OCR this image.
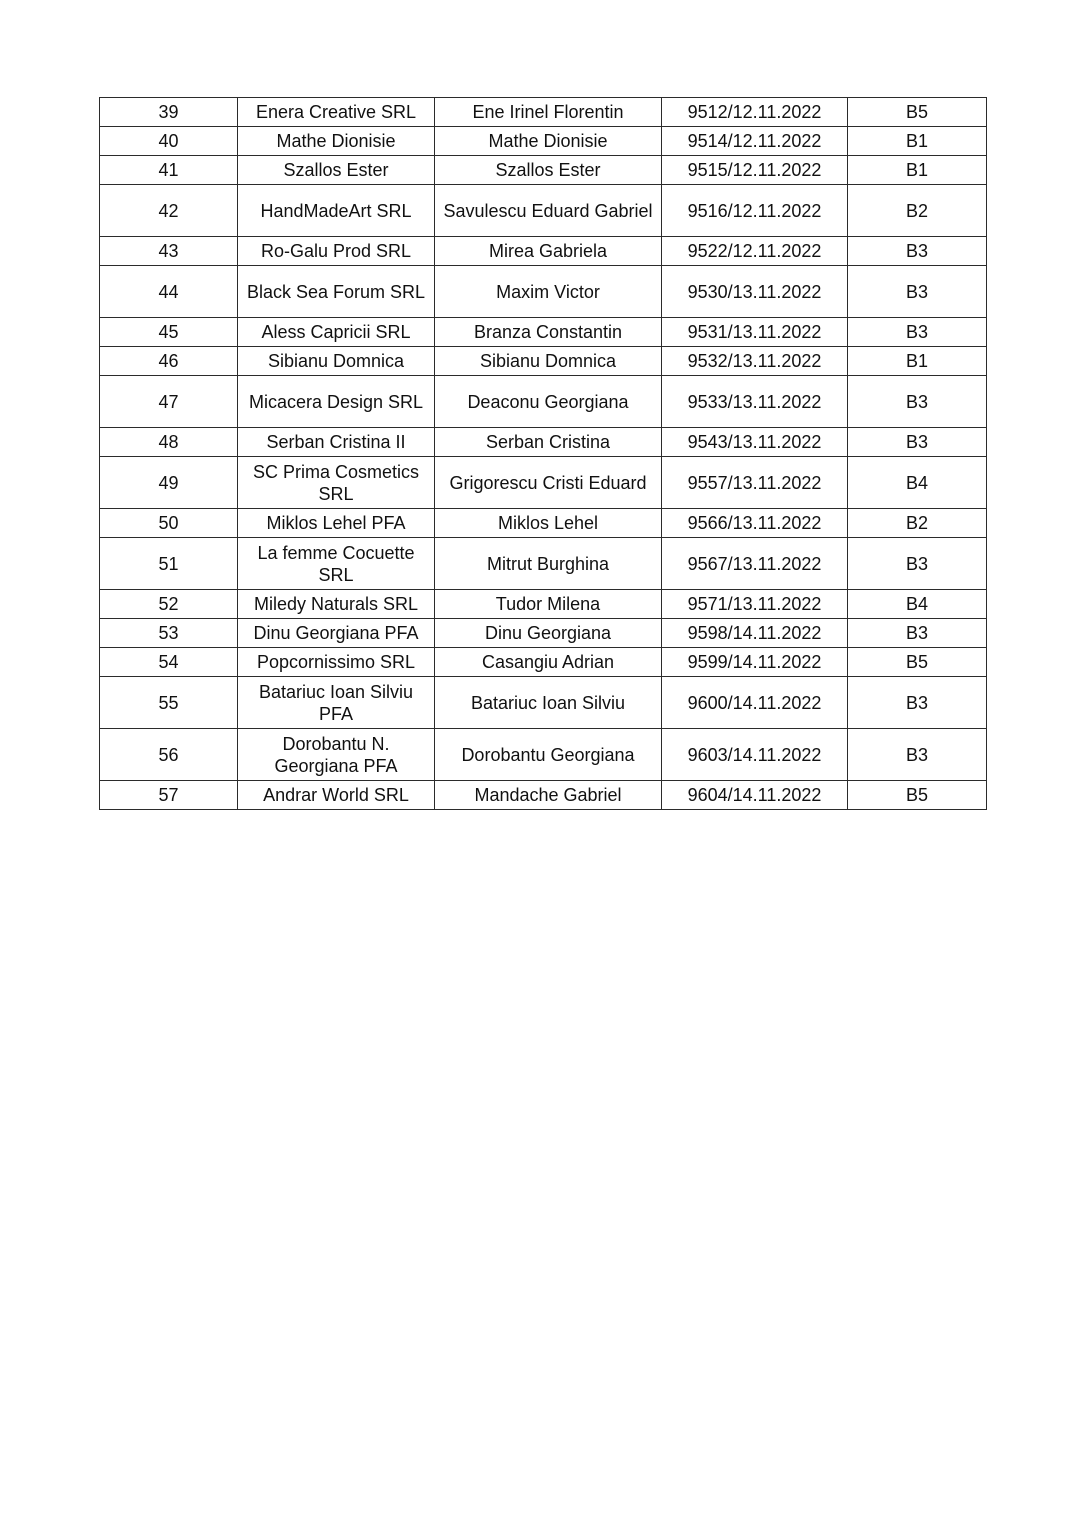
39	Enera Creative SRL	Ene Irinel Florentin	9512/12.11.2022	B5
40	Mathe Dionisie	Mathe Dionisie	9514/12.11.2022	B1
41	Szallos Ester	Szallos Ester	9515/12.11.2022	B1
42	HandMadeArt SRL	Savulescu Eduard Gabriel	9516/12.11.2022	B2
43	Ro-Galu Prod SRL	Mirea Gabriela	9522/12.11.2022	B3
44	Black Sea Forum SRL	Maxim Victor	9530/13.11.2022	B3
45	Aless Capricii SRL	Branza Constantin	9531/13.11.2022	B3
46	Sibianu Domnica	Sibianu Domnica	9532/13.11.2022	B1
47	Micacera Design SRL	Deaconu Georgiana	9533/13.11.2022	B3
48	Serban Cristina II	Serban Cristina	9543/13.11.2022	B3
49	SC Prima Cosmetics SRL	Grigorescu Cristi Eduard	9557/13.11.2022	B4
50	Miklos Lehel PFA	Miklos Lehel	9566/13.11.2022	B2
51	La femme Cocuette SRL	Mitrut Burghina	9567/13.11.2022	B3
52	Miledy Naturals SRL	Tudor Milena	9571/13.11.2022	B4
53	Dinu Georgiana PFA	Dinu Georgiana	9598/14.11.2022	B3
54	Popcornissimo SRL	Casangiu Adrian	9599/14.11.2022	B5
55	Batariuc Ioan Silviu PFA	Batariuc Ioan Silviu	9600/14.11.2022	B3
56	Dorobantu N. Georgiana PFA	Dorobantu Georgiana	9603/14.11.2022	B3
57	Andrar World SRL	Mandache Gabriel	9604/14.11.2022	B5
